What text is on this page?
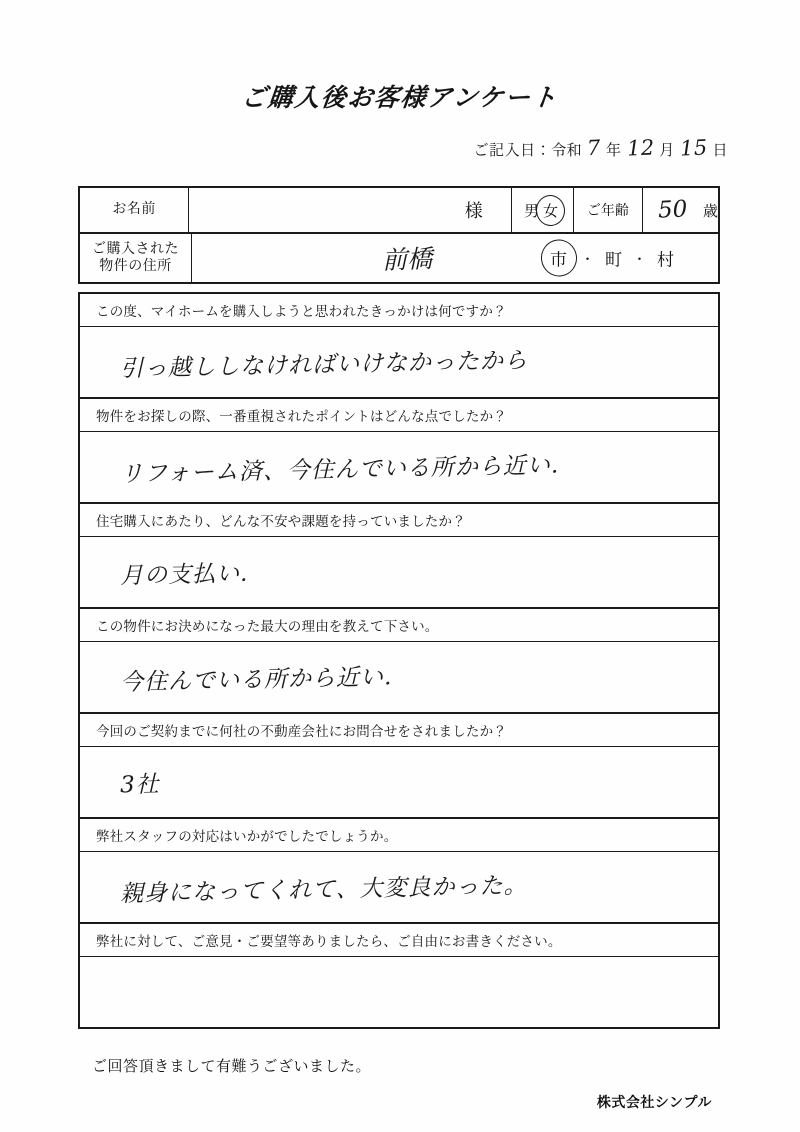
ご購入後お客様アンケート
ご記入日：令和 7 年 12 月 15 日
お名前	様	男 女	ご年齢	50 歳
ご購入された
物件の住所	前橋	市 ・ 町 ・ 村
この度、マイホームを購入しようと思われたきっかけは何ですか？
引っ越ししなければいけなかったから
物件をお探しの際、一番重視されたポイントはどんな点でしたか？
リフォーム済、今住んでいる所から近い.
住宅購入にあたり、どんな不安や課題を持っていましたか？
月の支払い.
この物件にお決めになった最大の理由を教えて下さい。
今住んでいる所から近い.
今回のご契約までに何社の不動産会社にお問合せをされましたか？
3社
弊社スタッフの対応はいかがでしたでしょうか。
親身になってくれて、大変良かった。
弊社に対して、ご意見・ご要望等ありましたら、ご自由にお書きください。
ご回答頂きまして有難うございました。
株式会社シンプル
